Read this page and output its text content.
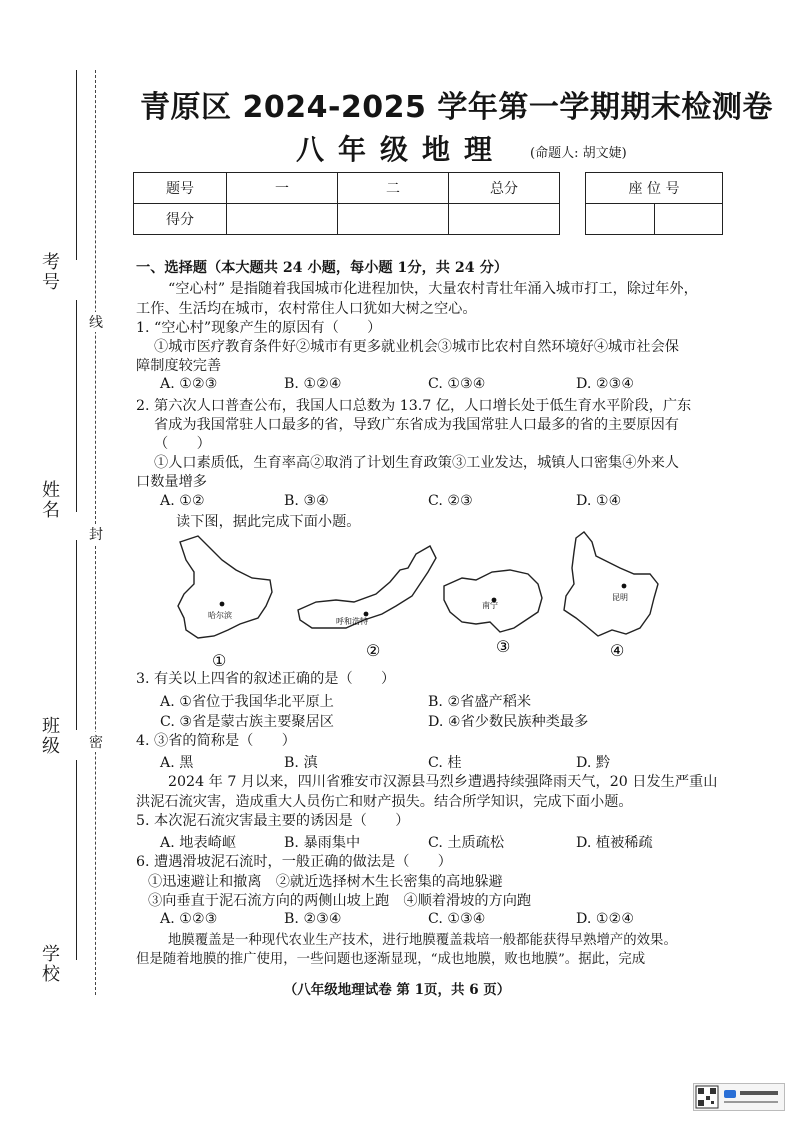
考号
姓名
班级
学校
线
封
密
青原区 2024-2025 学年第一学期期末检测卷
八年级地理 (命题人: 胡文婕)
题号	一	二	总分
得分			
座 位 号

一、选择题（本大题共 24 小题，每小题 1分，共 24 分）
“空心村” 是指随着我国城市化进程加快，大量农村青壮年涌入城市打工，除过年外，
工作、生活均在城市，农村常住人口犹如大树之空心。
1. “空心村”现象产生的原因有（　　）
①城市医疗教育条件好②城市有更多就业机会③城市比农村自然环境好④城市社会保
障制度较完善
A. ①②③	B. ①②④	C. ①③④	D. ②③④
2. 第六次人口普查公布，我国人口总数为 13.7 亿，人口增长处于低生育水平阶段，广东
省成为我国常驻人口最多的省，导致广东省成为我国常驻人口最多的省的主要原因有
（　　）
①人口素质低，生育率高②取消了计划生育政策③工业发达，城镇人口密集④外来人
口数量增多
A. ①②	B. ③④	C. ②③	D. ①④
读下图，据此完成下面小题。
哈尔滨
①
呼和浩特
②
南宁
③
昆明
④
3. 有关以上四省的叙述正确的是（　　）
A. ①省位于我国华北平原上	B. ②省盛产稻米
C. ③省是蒙古族主要聚居区	D. ④省少数民族种类最多
4. ③省的简称是（　　）
A. 黑	B. 滇	C. 桂	D. 黔
2024 年 7 月以来，四川省雅安市汉源县马烈乡遭遇持续强降雨天气，20 日发生严重山
洪泥石流灾害，造成重大人员伤亡和财产损失。结合所学知识，完成下面小题。
5. 本次泥石流灾害最主要的诱因是（　　）
A. 地表崎岖	B. 暴雨集中	C. 土质疏松	D. 植被稀疏
6. 遭遇滑坡泥石流时，一般正确的做法是（　　）
①迅速避让和撤离　②就近选择树木生长密集的高地躲避
③向垂直于泥石流方向的两侧山坡上跑　④顺着滑坡的方向跑
A. ①②③	B. ②③④	C. ①③④	D. ①②④
地膜覆盖是一种现代农业生产技术，进行地膜覆盖栽培一般都能获得早熟增产的效果。
但是随着地膜的推广使用，一些问题也逐渐显现，“成也地膜，败也地膜”。据此，完成
（八年级地理试卷 第 1页，共 6 页）
